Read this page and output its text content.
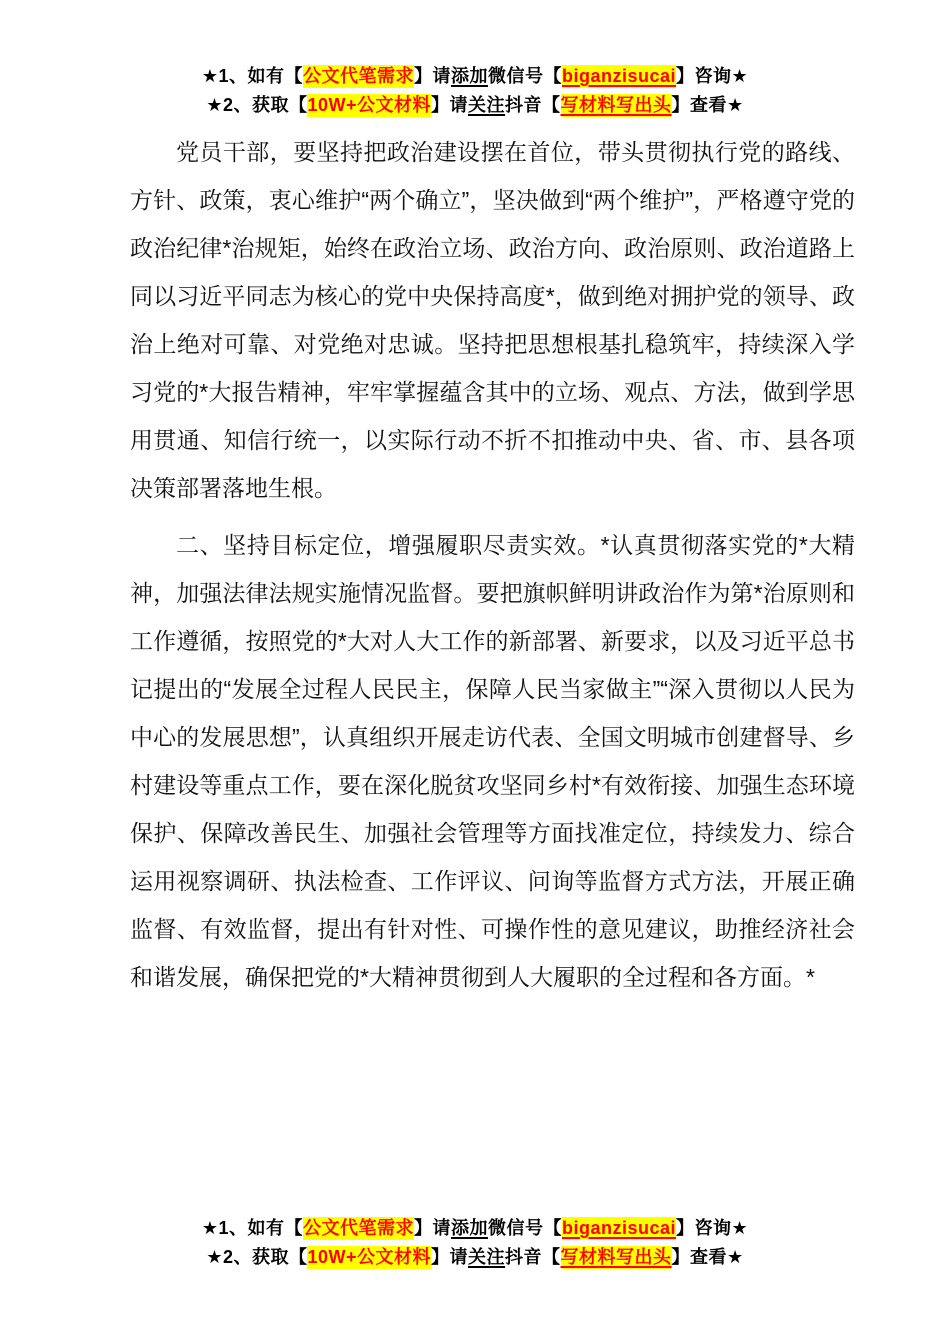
★1、如有【公文代笔需求】请添加微信号【biganzisucai】咨询★
★2、获取【10W+公文材料】请关注抖音【写材料写出头】查看★

党员干部，要坚持把政治建设摆在首位，带头贯彻执行党的路线、方针、政策，衷心维护“两个确立”，坚决做到“两个维护”，严格遵守党的政治纪律*治规矩，始终在政治立场、政治方向、政治原则、政治道路上同以习近平同志为核心的党中央保持高度*，做到绝对拥护党的领导、政治上绝对可靠、对党绝对忠诚。坚持把思想根基扎稳筑牢，持续深入学习党的*大报告精神，牢牢掌握蕴含其中的立场、观点、方法，做到学思用贯通、知信行统一，以实际行动不折不扣推动中央、省、市、县各项决策部署落地生根。

二、坚持目标定位，增强履职尽责实效。*认真贯彻落实党的*大精神，加强法律法规实施情况监督。要把旗帜鲜明讲政治作为第*治原则和工作遵循，按照党的*大对人大工作的新部署、新要求，以及习近平总书记提出的“发展全过程人民民主，保障人民当家做主”“深入贯彻以人民为中心的发展思想”，认真组织开展走访代表、全国文明城市创建督导、乡村建设等重点工作，要在深化脱贫攻坚同乡村*有效衔接、加强生态环境保护、保障改善民生、加强社会管理等方面找准定位，持续发力、综合运用视察调研、执法检查、工作评议、问询等监督方式方法，开展正确监督、有效监督，提出有针对性、可操作性的意见建议，助推经济社会和谐发展，确保把党的*大精神贯彻到人大履职的全过程和各方面。*

★1、如有【公文代笔需求】请添加微信号【biganzisucai】咨询★
★2、获取【10W+公文材料】请关注抖音【写材料写出头】查看★
